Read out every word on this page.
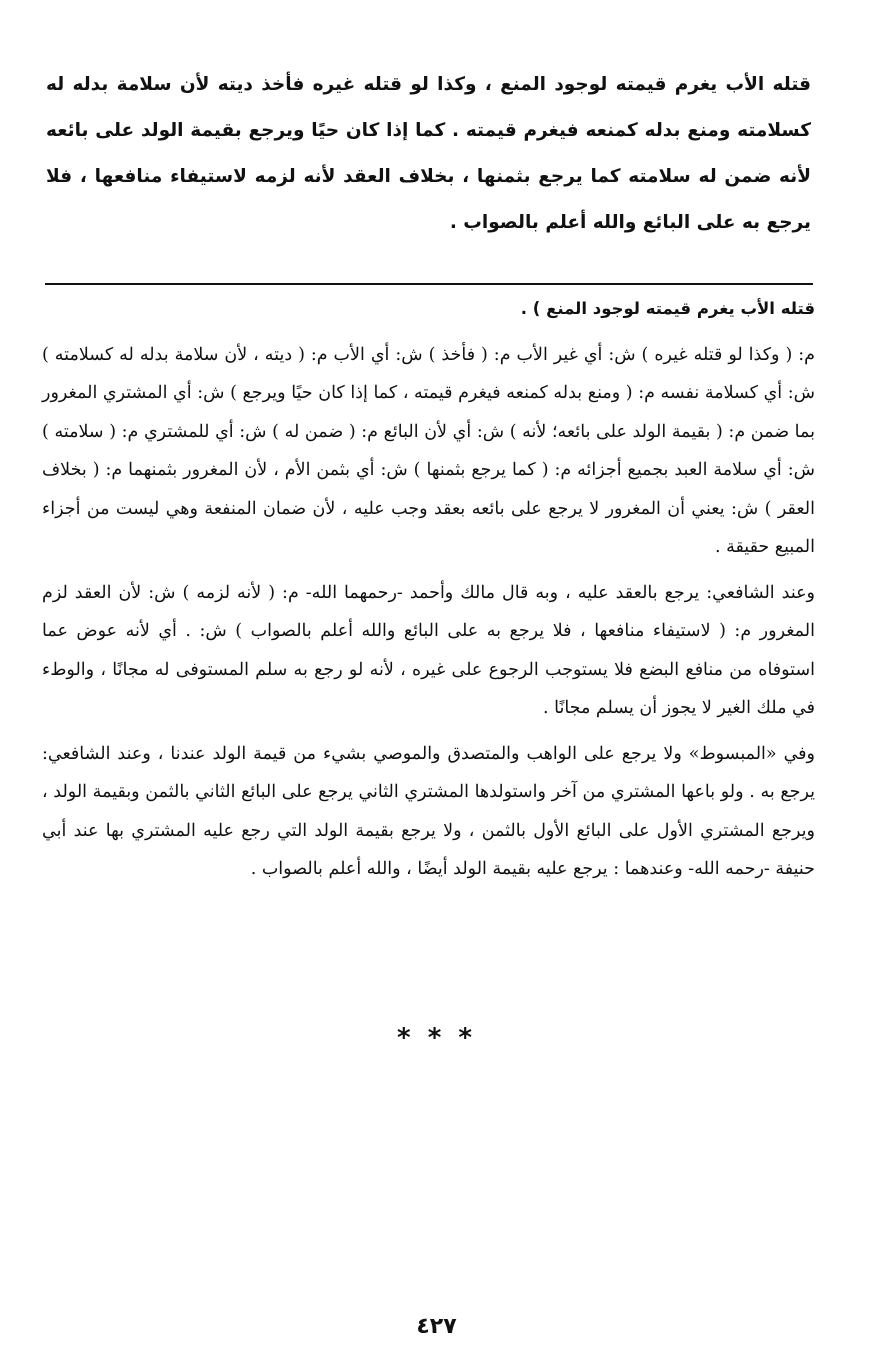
قتله الأب يغرم قيمته لوجود المنع ، وكذا لو قتله غيره فأخذ ديته لأن سلامة بدله له كسلامته ومنع بدله كمنعه فيغرم قيمته . كما إذا كان حيًا ويرجع بقيمة الولد على بائعه لأنه ضمن له سلامته كما يرجع بثمنها ، بخلاف العقد لأنه لزمه لاستيفاء منافعها ، فلا يرجع به على البائع والله أعلم بالصواب .

قتله الأب يغرم قيمته لوجود المنع ) .

م: ( وكذا لو قتله غيره ) ش: أي غير الأب م: ( فأخذ ) ش: أي الأب م: ( ديته ، لأن سلامة بدله له كسلامته ) ش: أي كسلامة نفسه م: ( ومنع بدله كمنعه فيغرم قيمته ، كما إذا كان حيًا ويرجع ) ش: أي المشتري المغرور بما ضمن م: ( بقيمة الولد على بائعه؛ لأنه ) ش: أي لأن البائع م: ( ضمن له ) ش: أي للمشتري م: ( سلامته ) ش: أي سلامة العبد بجميع أجزائه م: ( كما يرجع بثمنها ) ش: أي بثمن الأم ، لأن المغرور بثمنهما م: ( بخلاف العقر ) ش: يعني أن المغرور لا يرجع على بائعه بعقد وجب عليه ، لأن ضمان المنفعة وهي ليست من أجزاء المبيع حقيقة .

وعند الشافعي: يرجع بالعقد عليه ، وبه قال مالك وأحمد -رحمهما الله- م: ( لأنه لزمه ) ش: لأن العقد لزم المغرور م: ( لاستيفاء منافعها ، فلا يرجع به على البائع والله أعلم بالصواب ) ش: . أي لأنه عوض عما استوفاه من منافع البضع فلا يستوجب الرجوع على غيره ، لأنه لو رجع به سلم المستوفى له مجانًا ، والوطء في ملك الغير لا يجوز أن يسلم مجانًا .

وفي «المبسوط» ولا يرجع على الواهب والمتصدق والموصي بشيء من قيمة الولد عندنا ، وعند الشافعي: يرجع به . ولو باعها المشتري من آخر واستولدها المشتري الثاني يرجع على البائع الثاني بالثمن وبقيمة الولد ، ويرجع المشتري الأول على البائع الأول بالثمن ، ولا يرجع بقيمة الولد التي رجع عليه المشتري بها عند أبي حنيفة -رحمه الله- وعندهما : يرجع عليه بقيمة الولد أيضًا ، والله أعلم بالصواب .

* * *
٤٢٧
